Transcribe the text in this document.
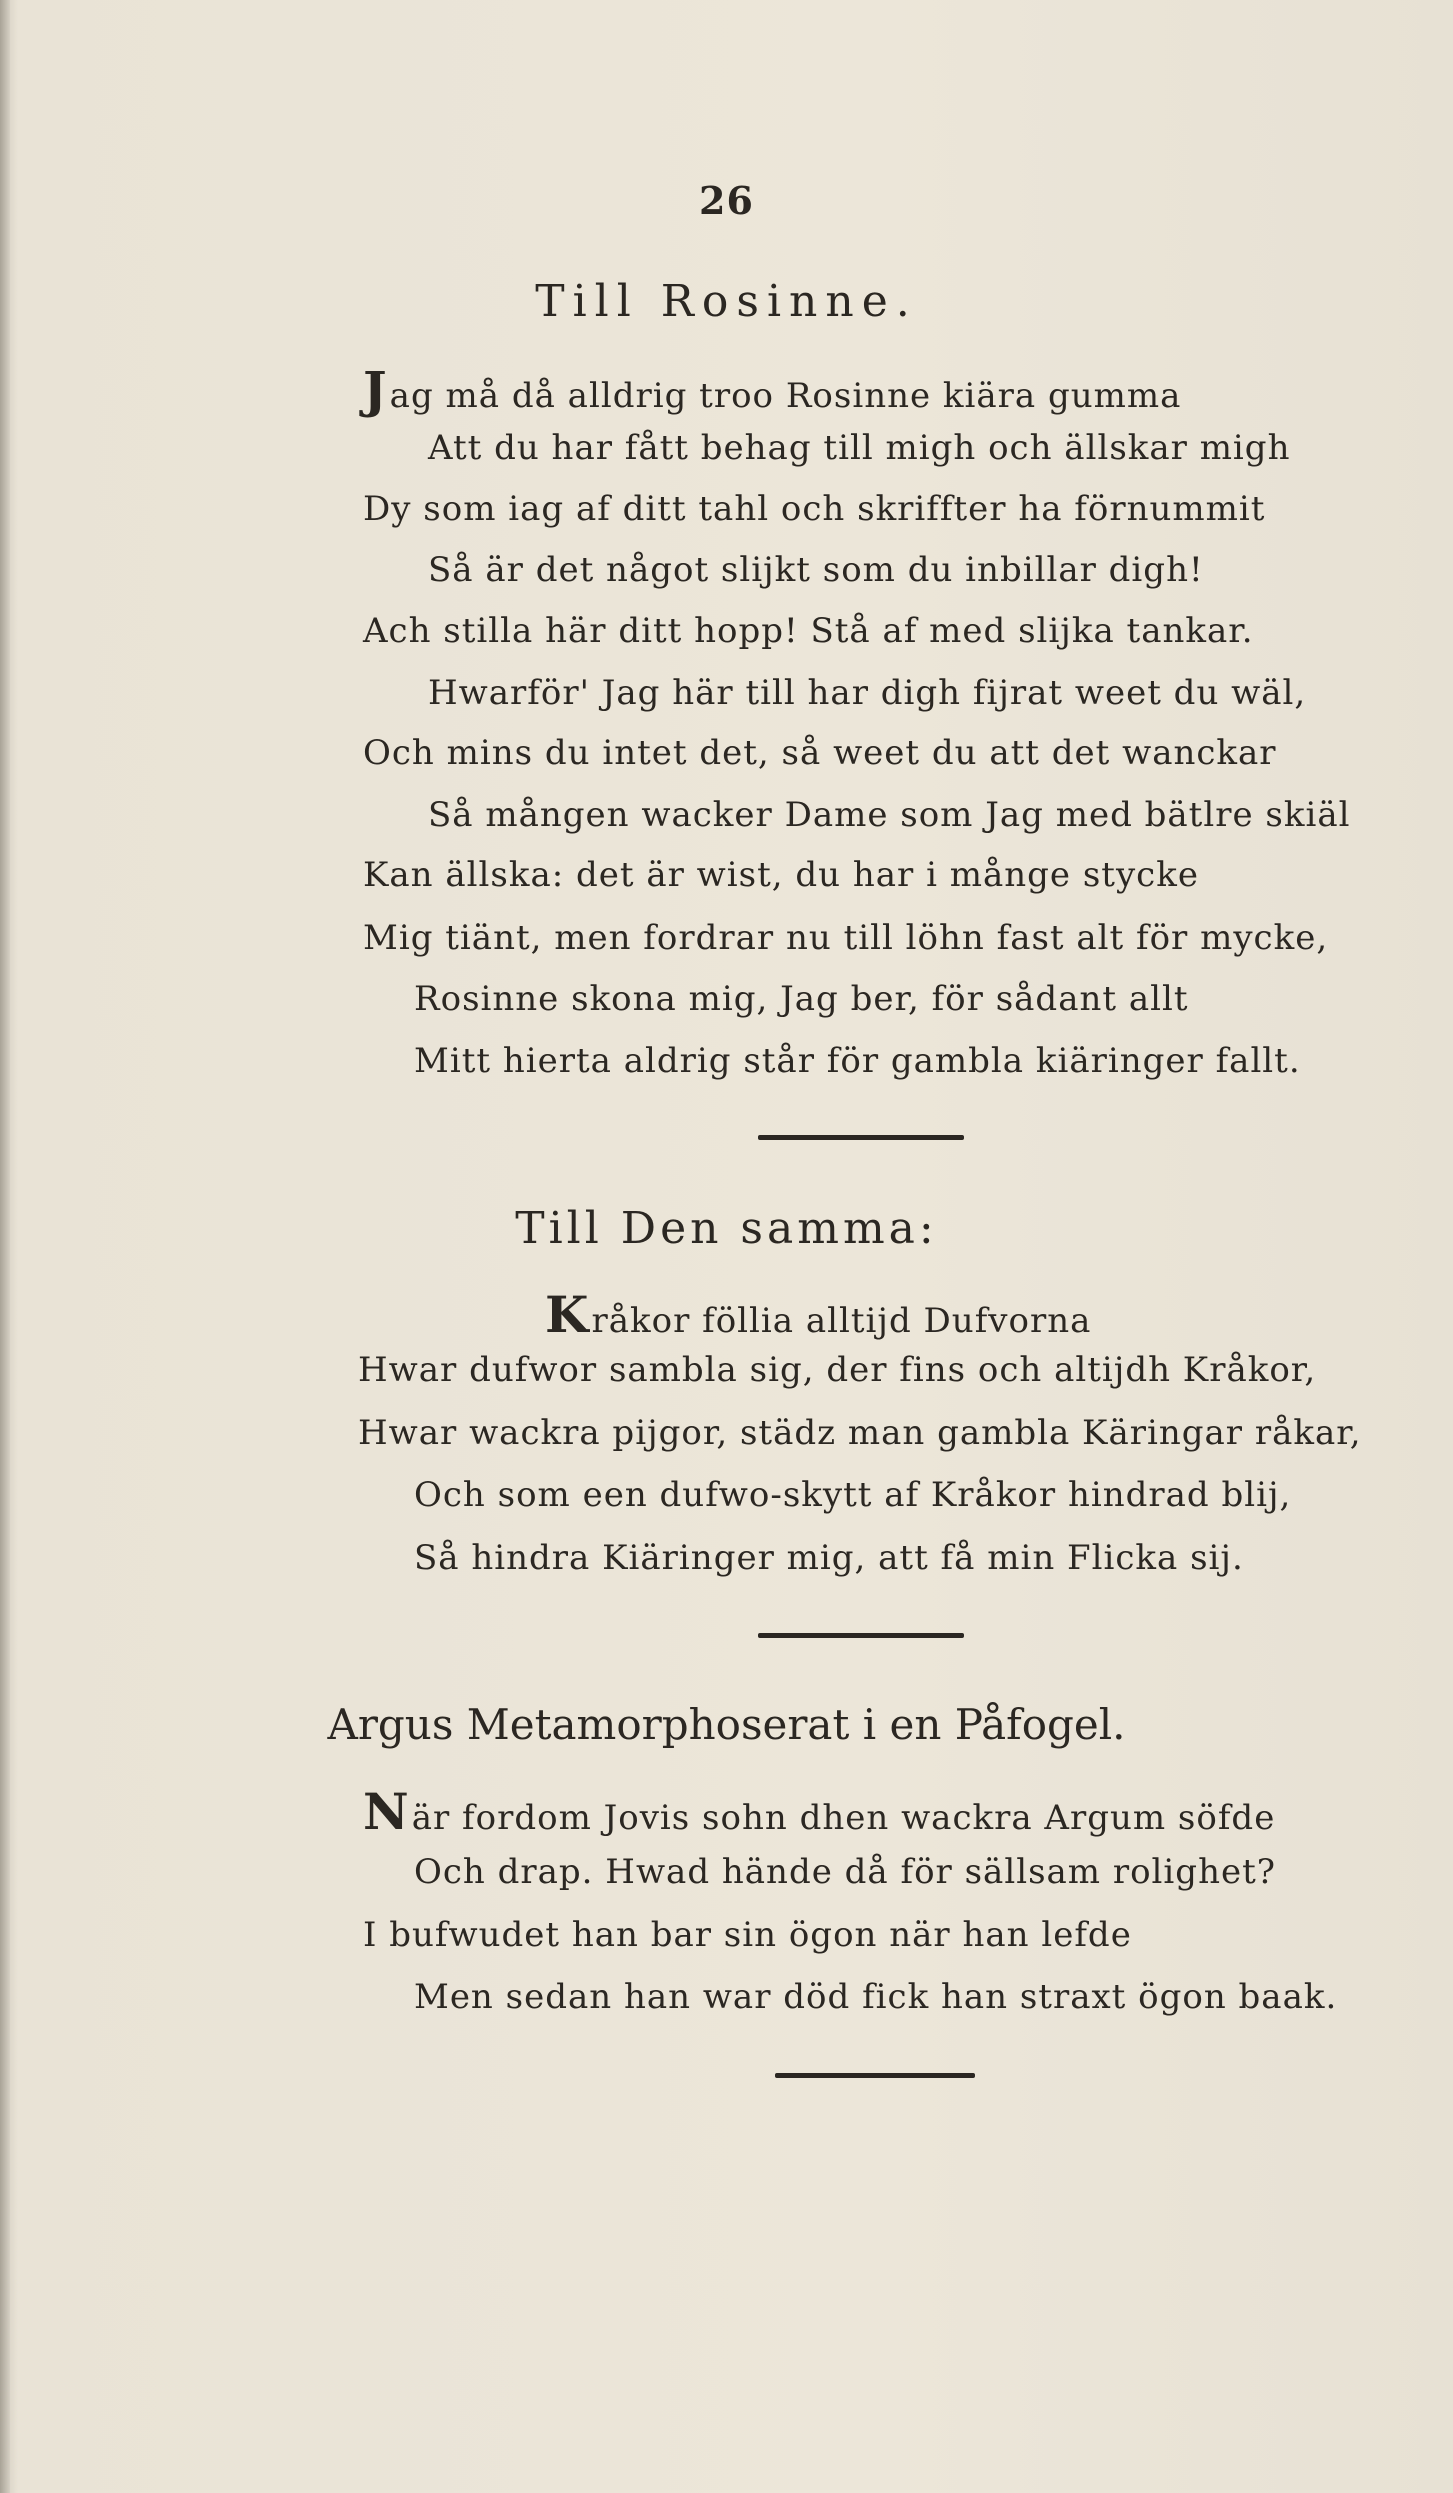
26
Till Rosinne.
Jag må då alldrig troo Rosinne kiära gumma
Att du har fått behag till migh och ällskar migh
Dy som iag af ditt tahl och skriffter ha förnummit
Så är det något slijkt som du inbillar digh!
Ach stilla här ditt hopp! Stå af med slijka tankar.
Hwarför' Jag här till har digh fijrat weet du wäl,
Och mins du intet det, så weet du att det wanckar
Så mången wacker Dame som Jag med bätlre skiäl
Kan ällska: det är wist, du har i månge stycke
Mig tiänt, men fordrar nu till löhn fast alt för mycke,
Rosinne skona mig, Jag ber, för sådant allt
Mitt hierta aldrig står för gambla kiäringer fallt.
Till Den samma:
Kråkor föllia alltijd Dufvorna
Hwar dufwor sambla sig, der fins och altijdh Kråkor,
Hwar wackra pijgor, städz man gambla Käringar råkar,
Och som een dufwo-skytt af Kråkor hindrad blij,
Så hindra Kiäringer mig, att få min Flicka sij.
Argus Metamorphoserat i en Påfogel.
När fordom Jovis sohn dhen wackra Argum söfde
Och drap. Hwad hände då för sällsam rolighet?
I bufwudet han bar sin ögon när han lefde
Men sedan han war död fick han straxt ögon baak.
